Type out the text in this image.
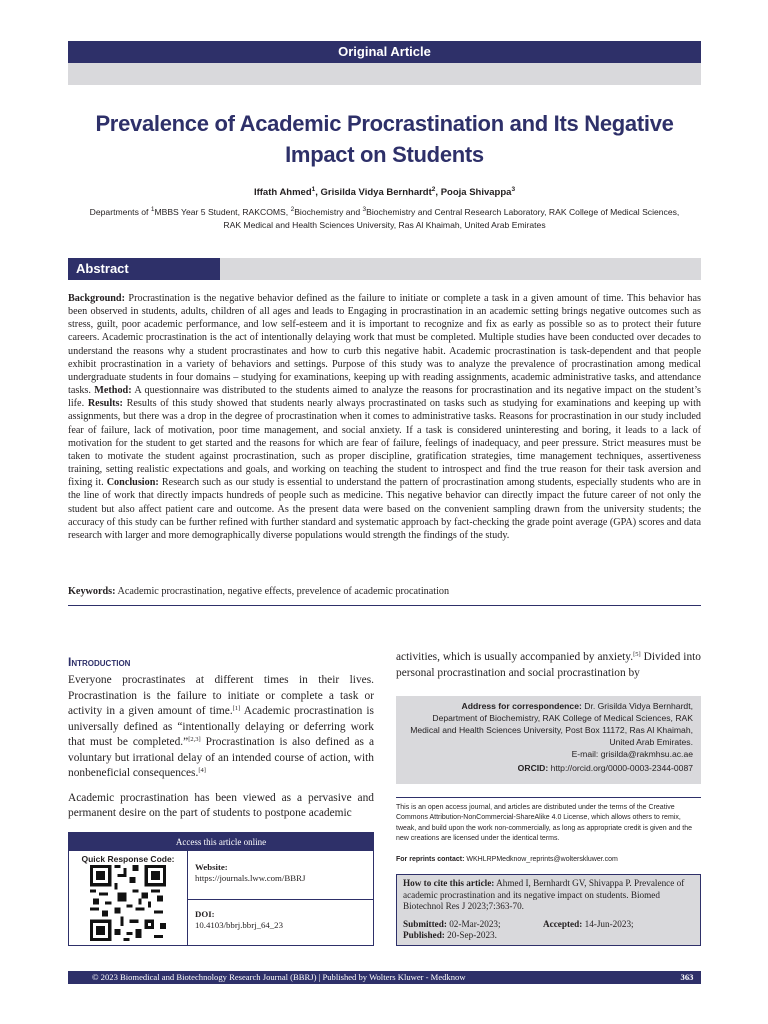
Original Article
Prevalence of Academic Procrastination and Its Negative Impact on Students
Iffath Ahmed$^1$, Grisilda Vidya Bernhardt$^2$, Pooja Shivappa$^3$
Departments of $^1$MBBS Year 5 Student, RAKCOMS, $^2$Biochemistry and $^3$Biochemistry and Central Research Laboratory, RAK College of Medical Sciences,
RAK Medical and Health Sciences University, Ras Al Khaimah, United Arab Emirates
Abstract
Background: Procrastination is the negative behavior defined as the failure to initiate or complete a task in a given amount of time. This behavior has been observed in students, adults, children of all ages and leads to Engaging in procrastination in an academic setting brings negative outcomes such as stress, guilt, poor academic performance, and low self-esteem and it is important to recognize and fix as early as possible so as to protect their future careers. Academic procrastination is the act of intentionally delaying work that must be completed. Multiple studies have been conducted over decades to understand the reasons why a student procrastinates and how to curb this negative habit. Academic procrastination is task-dependent and that people exhibit procrastination in a variety of behaviors and settings. Purpose of this study was to analyze the prevalence of procrastination among medical undergraduate students in four domains – studying for examinations, keeping up with reading assignments, academic administrative tasks, and attendance tasks. Method: A questionnaire was distributed to the students aimed to analyze the reasons for procrastination and its negative impact on the student’s life. Results: Results of this study showed that students nearly always procrastinated on tasks such as studying for examinations and keeping up with assignments, but there was a drop in the degree of procrastination when it comes to administrative tasks. Reasons for procrastination in our study included fear of failure, lack of motivation, poor time management, and social anxiety. If a task is considered uninteresting and boring, it leads to a lack of motivation for the student to get started and the reasons for which are fear of failure, feelings of inadequacy, and peer pressure. Strict measures must be taken to motivate the student against procrastination, such as proper discipline, gratification strategies, time management techniques, assertiveness training, setting realistic expectations and goals, and working on teaching the student to introspect and find the true reason for their task aversion and fixing it. Conclusion: Research such as our study is essential to understand the pattern of procrastination among students, especially students who are in the line of work that directly impacts hundreds of people such as medicine. This negative behavior can directly impact the future career of not only the student but also affect patient care and outcome. As the present data were based on the convenient sampling drawn from the university students; the accuracy of this study can be further refined with further standard and systematic approach by fact-checking the grade point average (GPA) scores and data research with larger and more demographically diverse populations would strength the findings of the study.
Keywords: Academic procrastination, negative effects, prevelence of academic procatination
Introduction

Everyone procrastinates at different times in their lives. Procrastination is the failure to initiate or complete a task or activity in a given amount of time.[1] Academic procrastination is universally defined as “intentionally delaying or deferring work that must be completed.”[2,3] Procrastination is also defined as a voluntary but irrational delay of an intended course of action, with nonbeneficial consequences.[4]

Academic procrastination has been viewed as a pervasive and permanent desire on the part of students to postpone academic

activities, which is usually accompanied by anxiety.[5] Divided into personal procrastination and social procrastination by
Address for correspondence: Dr. Grisilda Vidya Bernhardt,
Department of Biochemistry, RAK College of Medical Sciences, RAK
Medical and Health Sciences University, Post Box 11172, Ras Al Khaimah,
United Arab Emirates.
E-mail: grisilda@rakmhsu.ac.ae
ORCID: http://orcid.org/0000-0003-2344-0087
This is an open access journal, and articles are distributed under the terms of the Creative Commons Attribution-NonCommercial-ShareAlike 4.0 License, which allows others to remix, tweak, and build upon the work non-commercially, as long as appropriate credit is given and the new creations are licensed under the identical terms.
For reprints contact: WKHLRPMedknow_reprints@wolterskluwer.com
How to cite this article: Ahmed I, Bernhardt GV, Shivappa P. Prevalence of academic procrastination and its negative impact on students. Biomed Biotechnol Res J 2023;7:363-70.
Submitted: 02-Mar-2023;	Accepted: 14-Jun-2023;
Published: 20-Sep-2023.
Access this article online
Quick Response Code:
Website:
https://journals.lww.com/BBRJ
DOI:
10.4103/bbrj.bbrj_64_23
© 2023 Biomedical and Biotechnology Research Journal (BBRJ) | Published by Wolters Kluwer - Medknow	363
